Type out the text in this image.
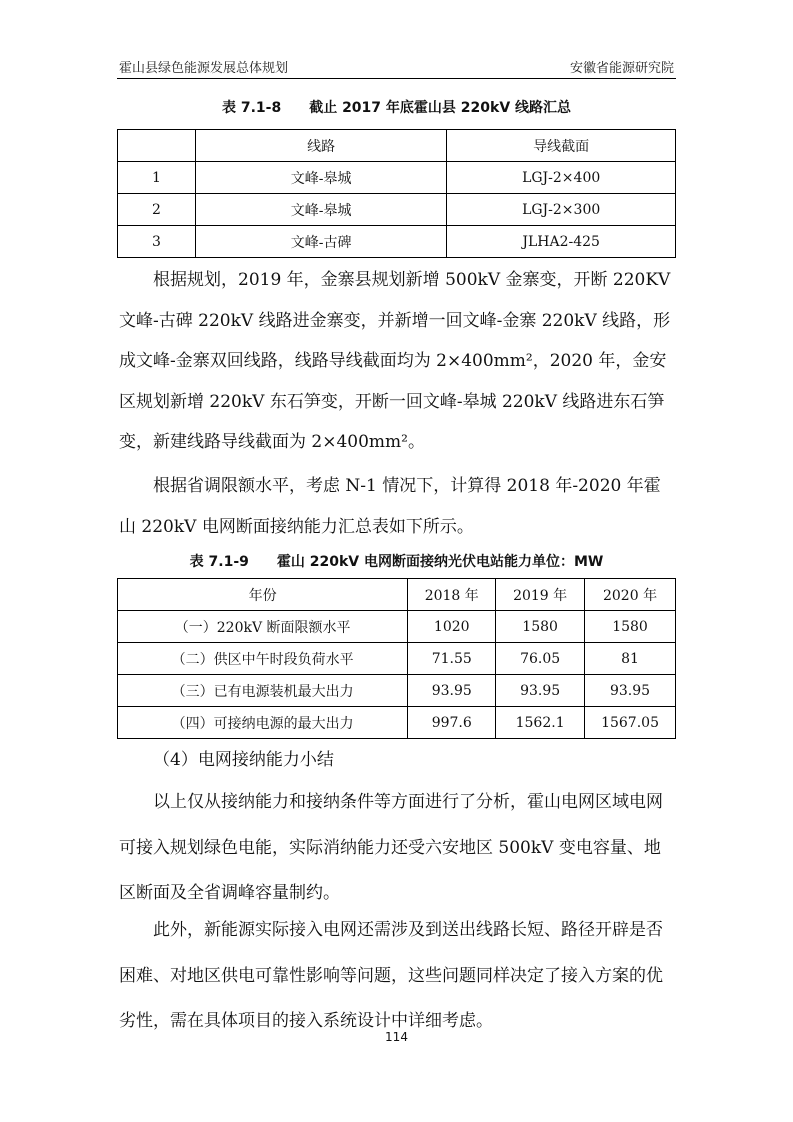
霍山县绿色能源发展总体规划	安徽省能源研究院
表 7.1-8　　截止 2017 年底霍山县 220kV 线路汇总
	线路	导线截面
1	文峰-皋城	LGJ-2×400
2	文峰-皋城	LGJ-2×300
3	文峰-古碑	JLHA2-425

根据规划，2019 年，金寨县规划新增 500kV 金寨变，开断 220KV 文峰-古碑 220kV 线路进金寨变，并新增一回文峰-金寨 220kV 线路，形成文峰-金寨双回线路，线路导线截面均为 2×400mm²，2020 年，金安区规划新增 220kV 东石笋变，开断一回文峰-皋城 220kV 线路进东石笋变，新建线路导线截面为 2×400mm²。

根据省调限额水平，考虑 N-1 情况下，计算得 2018 年-2020 年霍山 220kV 电网断面接纳能力汇总表如下所示。

表 7.1-9　　霍山 220kV 电网断面接纳光伏电站能力单位：MW
年份	2018 年	2019 年	2020 年
（一）220kV 断面限额水平	1020	1580	1580
（二）供区中午时段负荷水平	71.55	76.05	81
（三）已有电源装机最大出力	93.95	93.95	93.95
（四）可接纳电源的最大出力	997.6	1562.1	1567.05

（4）电网接纳能力小结

以上仅从接纳能力和接纳条件等方面进行了分析，霍山电网区域电网可接入规划绿色电能，实际消纳能力还受六安地区 500kV 变电容量、地区断面及全省调峰容量制约。

此外，新能源实际接入电网还需涉及到送出线路长短、路径开辟是否困难、对地区供电可靠性影响等问题，这些问题同样决定了接入方案的优劣性，需在具体项目的接入系统设计中详细考虑。

114
